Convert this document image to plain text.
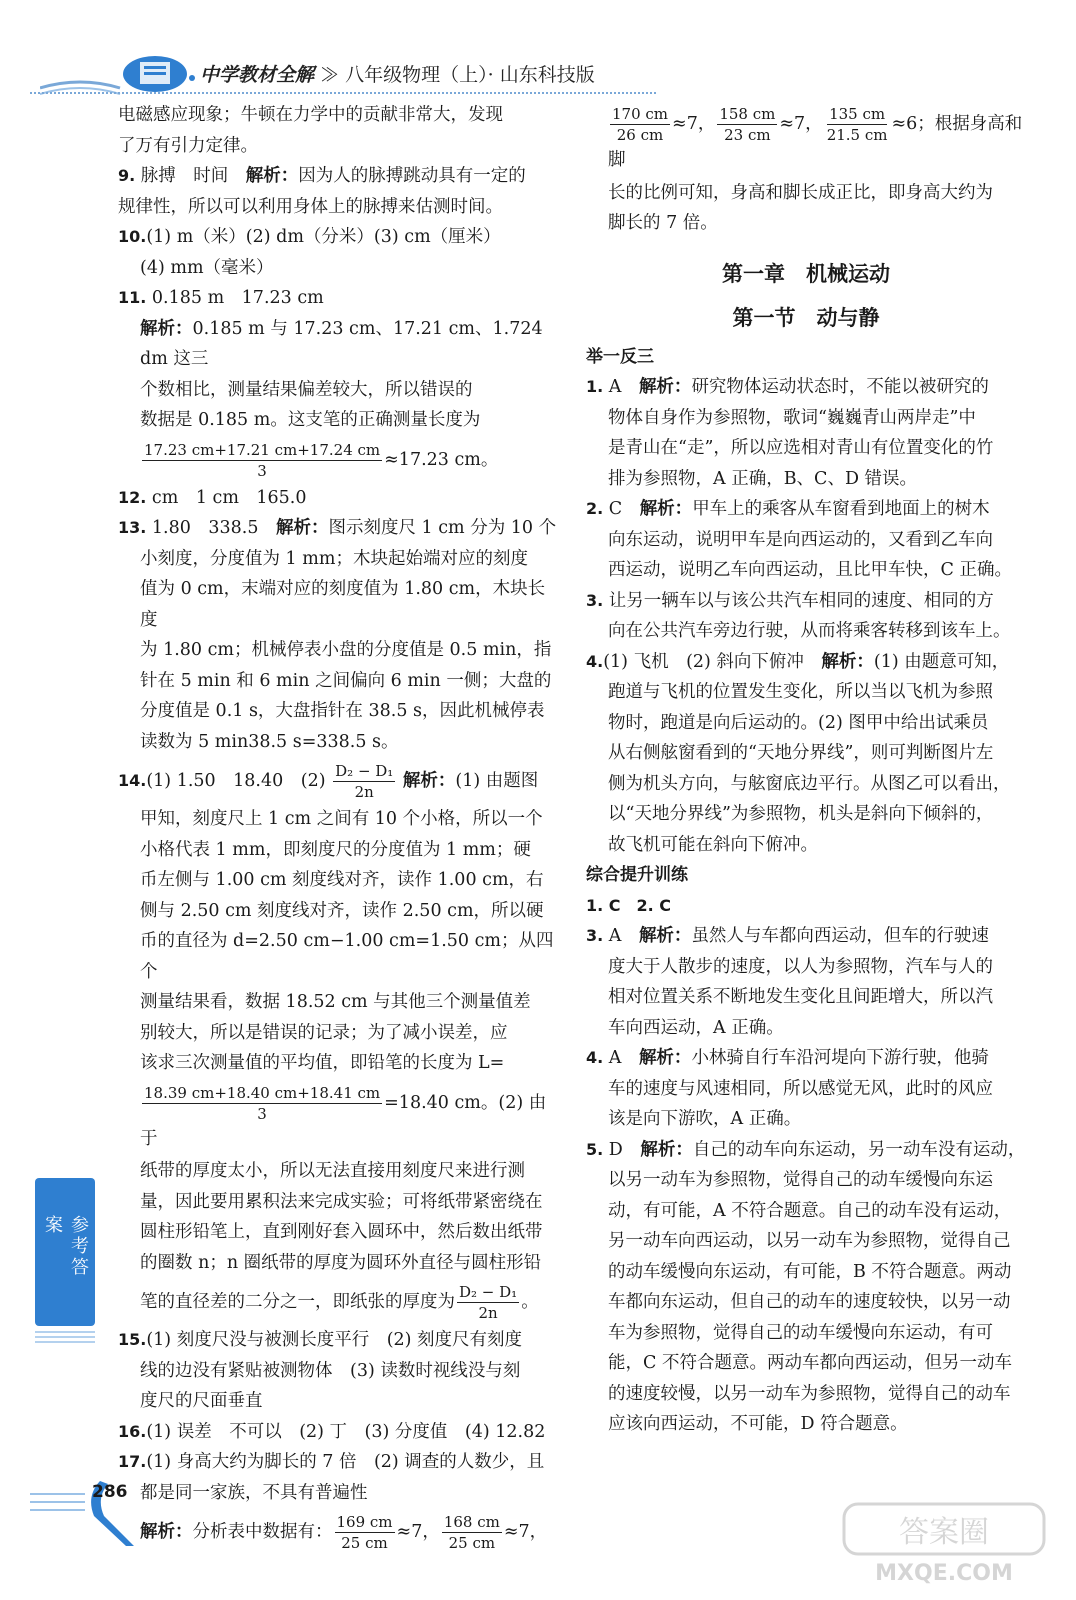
中学教材全解 ≫ 八年级物理（上）· 山东科技版

电磁感应现象；牛顿在力学中的贡献非常大，发现

了万有引力定律。

9. 脉搏　时间　解析：因为人的脉搏跳动具有一定的

规律性，所以可以利用身体上的脉搏来估测时间。

10.(1) m（米）(2) dm（分米）(3) cm（厘米）

(4) mm（毫米）

11. 0.185 m　17.23 cm

解析：0.185 m 与 17.23 cm、17.21 cm、1.724 dm 这三

个数相比，测量结果偏差较大，所以错误的

数据是 0.185 m。这支笔的正确测量长度为

$\frac{17.23 cm+17.21 cm+17.24 cm}{3} \approx 17.23$ cm。

12. cm　1 cm　165.0

13. 1.80　338.5　解析：图示刻度尺 1 cm 分为 10 个

小刻度，分度值为 1 mm；木块起始端对应的刻度

值为 0 cm，末端对应的刻度值为 1.80 cm，木块长度

为 1.80 cm；机械停表小盘的分度值是 0.5 min，指

针在 5 min 和 6 min 之间偏向 6 min 一侧；大盘的

分度值是 0.1 s，大盘指针在 38.5 s，因此机械停表

读数为 5 min38.5 s=338.5 s。

14.(1) 1.50　18.40　$(2) \frac{\text{D₂ − D₁}}{2n}$ 解析：(1) 由题图

甲知，刻度尺上 1 cm 之间有 10 个小格，所以一个

小格代表 1 mm，即刻度尺的分度值为 1 mm；硬

币左侧与 1.00 cm 刻度线对齐，读作 1.00 cm，右

侧与 2.50 cm 刻度线对齐，读作 2.50 cm，所以硬

币的直径为 d=2.50 cm−1.00 cm=1.50 cm；从四个

测量结果看，数据 18.52 cm 与其他三个测量值差

别较大，所以是错误的记录；为了减小误差，应

该求三次测量值的平均值，即铅笔的长度为 L=

$\frac{18.39 cm+18.40 cm+18.41 cm}{3} =18.40$ cm。(2) 由于

纸带的厚度太小，所以无法直接用刻度尺来进行测

量，因此要用累积法来完成实验；可将纸带紧密绕在

圆柱形铅笔上，直到刚好套入圆环中，然后数出纸带

的圈数 n；n 圈纸带的厚度为圆环外直径与圆柱形铅

笔的直径差的二分之一，即纸张的厚度为 $\frac{\text{D₂ − D₁}}{2n}$ 。

15.(1) 刻度尺没与被测长度平行　(2) 刻度尺有刻度

线的边没有紧贴被测物体　(3) 读数时视线没与刻

度尺的尺面垂直

16.(1) 误差　不可以　(2) 丁　(3) 分度值　(4) 12.82

17.(1) 身高大约为脚长的 7 倍　(2) 调查的人数少，且

都是同一家族，不具有普遍性

解析：分析表中数据有： $\frac{169 cm}{25 cm} \approx 7$， $\frac{168 cm}{25 cm} \approx 7$，

$\frac{170 cm}{26 cm} \approx 7$， $\frac{158 cm}{23 cm} \approx 7$， $\frac{135 cm}{21.5 cm} \approx 6$；根据身高和脚

长的比例可知，身高和脚长成正比，即身高大约为

脚长的 7 倍。

第一章　机械运动
第一节　动与静

举一反三

1. A　解析：研究物体运动状态时，不能以被研究的

物体自身作为参照物，歌词“巍巍青山两岸走”中

是青山在“走”，所以应选相对青山有位置变化的竹

排为参照物，A 正确，B、C、D 错误。

2. C　解析：甲车上的乘客从车窗看到地面上的树木

向东运动，说明甲车是向西运动的，又看到乙车向

西运动，说明乙车向西运动，且比甲车快，C 正确。

3. 让另一辆车以与该公共汽车相同的速度、相同的方

向在公共汽车旁边行驶，从而将乘客转移到该车上。

4.(1) 飞机　(2) 斜向下俯冲　解析：(1) 由题意可知，

跑道与飞机的位置发生变化，所以当以飞机为参照

物时，跑道是向后运动的。(2) 图甲中给出试乘员

从右侧舷窗看到的“天地分界线”，则可判断图片左

侧为机头方向，与舷窗底边平行。从图乙可以看出，

以“天地分界线”为参照物，机头是斜向下倾斜的，

故飞机可能在斜向下俯冲。

综合提升训练

1. C　2. C

3. A　解析：虽然人与车都向西运动，但车的行驶速

度大于人散步的速度，以人为参照物，汽车与人的

相对位置关系不断地发生变化且间距增大，所以汽

车向西运动，A 正确。

4. A　解析：小林骑自行车沿河堤向下游行驶，他骑

车的速度与风速相同，所以感觉无风，此时的风应

该是向下游吹，A 正确。

5. D　解析：自己的动车向东运动，另一动车没有运动，

以另一动车为参照物，觉得自己的动车缓慢向东运

动，有可能，A 不符合题意。自己的动车没有运动，

另一动车向西运动，以另一动车为参照物，觉得自己

的动车缓慢向东运动，有可能，B 不符合题意。两动

车都向东运动，但自己的动车的速度较快，以另一动

车为参照物，觉得自己的动车缓慢向东运动，有可

能，C 不符合题意。两动车都向西运动，但另一动车

的速度较慢，以另一动车为参照物，觉得自己的动车

应该向西运动，不可能，D 符合题意。

参考答案
286
答案圈
MXQE.COM
